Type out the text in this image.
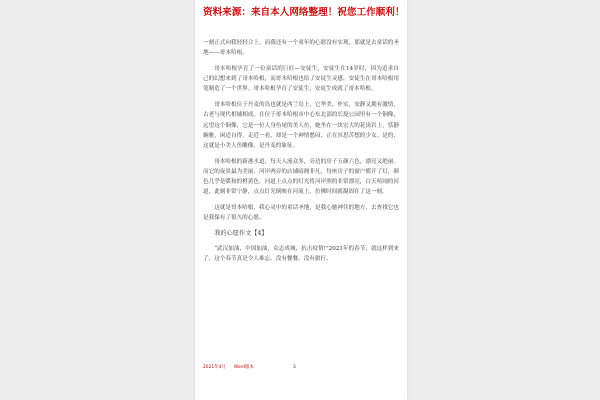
资料来源：来自本人网络整理！祝您工作顺利！

一刻正式向我轻轻合上，而我还有一个童年的心愿没有实现，那就是去童话的圣地——哥本哈根。

哥本哈根孕育了一位童话的巨匠—安徒生，安徒生在14岁时，因为追求自己的幻想来到了哥本哈根，而哥本哈根也给了安徒生灵感，安徒生在哥本哈根用笔制造了一个世界。哥本哈根孕育了安徒生，安徒生成就了哥本哈根。

哥本哈根位于丹麦的岛也就是西兰岛上，它华美、朴实，安静又拥有激情，古老与现代相辅相成。在位于哥本哈根市中心东北部的长堤公园里有一个铜像，远望这个铜像，它是一位人身鱼尾的美人鱼，她坐在一块宏大的花岗岩上，恬静娴雅，闲适自得，走近一看，却是一个神情愁闷，正在冥思苦想的少女。是的，这就是小美人鱼雕像，是丹麦的象征。

哥本哈根的新港水道，每天人流众多，旁边的房子五颜六色，漂亮又绝丽。而它的夜景最为美丽，河岸两旁的店铺暗阁非凡，每座房子的窗户都开了灯，颜色几乎是暖和的橙黄色，河道上点点的灯光将河岸照的非常漂亮，白天喧闹的河道，此刻非常宁静，点点灯光倒映在河流上，仿佛时间就凝固在了这一刻。

这就是哥本哈根，我心灵中的童话圣地，是我心驰神往的地方，去查找它也是我保有了很久的心愿。

我的心愿作文【4】

“武汉加油，中国加油，众志成城，抗击疫情!”2021年的春节，就这样到来了，这个春节真是令人难忘，没有餐餐、没有旅行、

2021年4月 Word版本	3
